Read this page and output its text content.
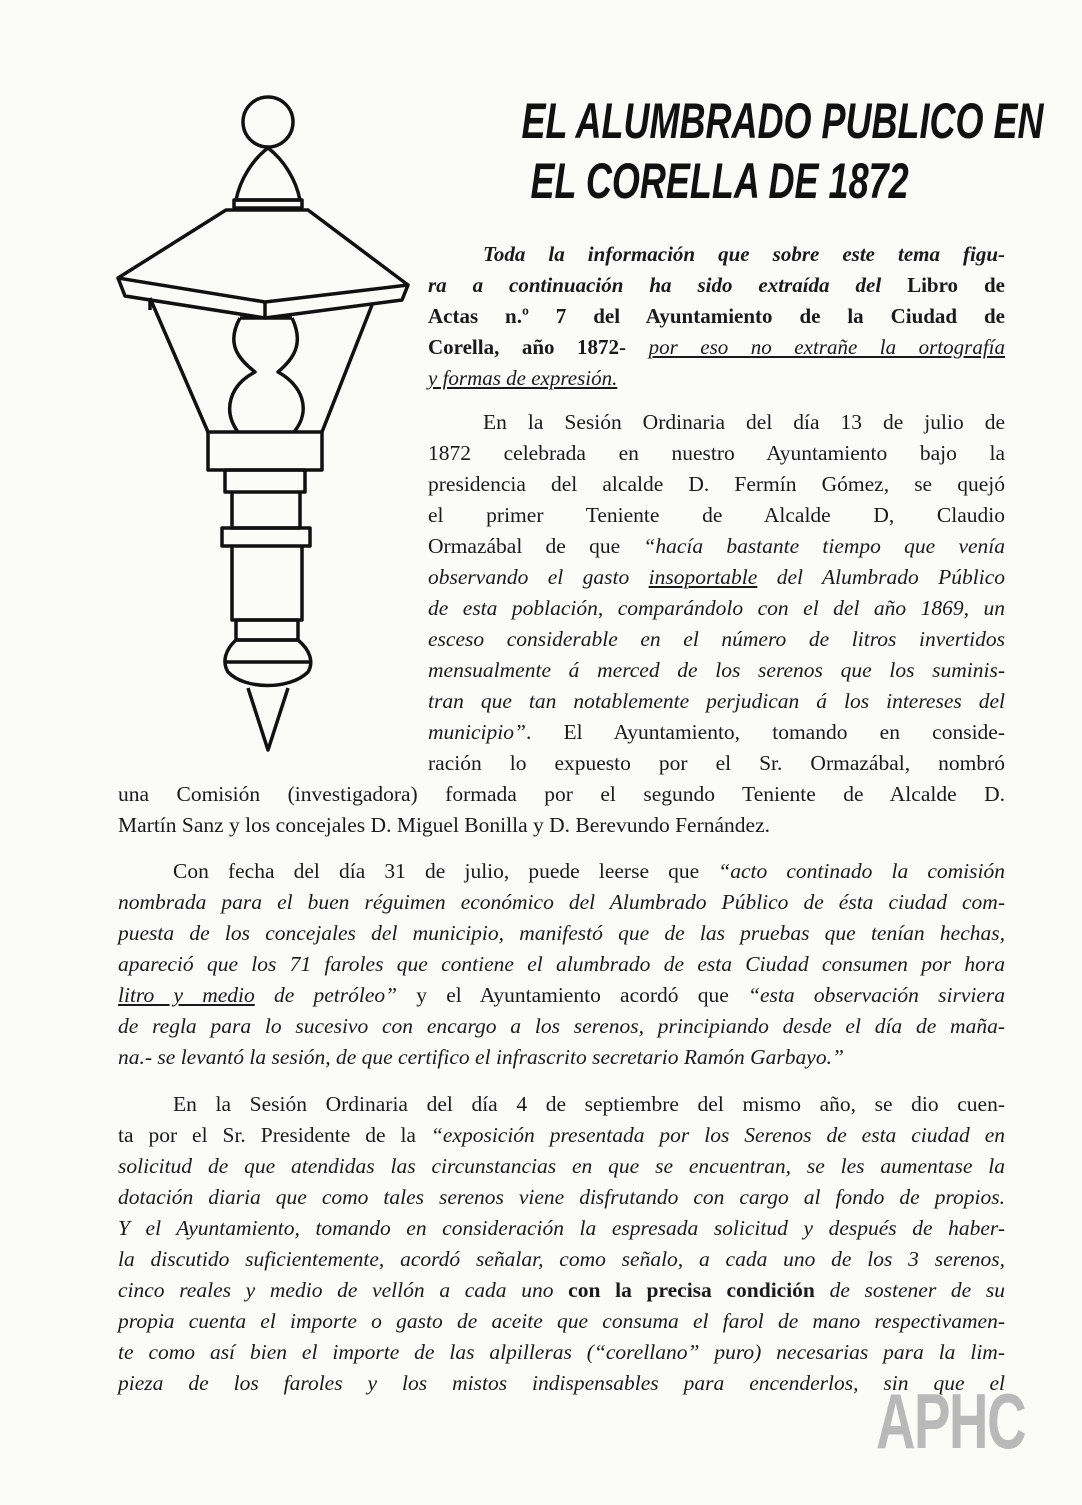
EL ALUMBRADO PUBLICO EN
EL CORELLA DE 1872
Toda la información que sobre este tema figu-
ra a continuación ha sido extraída del Libro de
Actas n.º 7 del Ayuntamiento de la Ciudad de
Corella, año 1872- por eso no extrañe la ortografía
y formas de expresión.
En la Sesión Ordinaria del día 13 de julio de
1872 celebrada en nuestro Ayuntamiento bajo la
presidencia del alcalde D. Fermín Gómez, se quejó
el primer Teniente de Alcalde D, Claudio
Ormazábal de que “hacía bastante tiempo que venía
observando el gasto insoportable del Alumbrado Público
de esta población, comparándolo con el del año 1869, un
esceso considerable en el número de litros invertidos
mensualmente á merced de los serenos que los suminis-
tran que tan notablemente perjudican á los intereses del
municipio”. El Ayuntamiento, tomando en conside-
ración lo expuesto por el Sr. Ormazábal, nombró
una Comisión (investigadora) formada por el segundo Teniente de Alcalde D.
Martín Sanz y los concejales D. Miguel Bonilla y D. Berevundo Fernández.
Con fecha del día 31 de julio, puede leerse que “acto continado la comisión
nombrada para el buen réguimen económico del Alumbrado Público de ésta ciudad com-
puesta de los concejales del municipio, manifestó que de las pruebas que tenían hechas,
apareció que los 71 faroles que contiene el alumbrado de esta Ciudad consumen por hora
litro y medio de petróleo” y el Ayuntamiento acordó que “esta observación sirviera
de regla para lo sucesivo con encargo a los serenos, principiando desde el día de maña-
na.- se levantó la sesión, de que certifico el infrascrito secretario Ramón Garbayo.”
En la Sesión Ordinaria del día 4 de septiembre del mismo año, se dio cuen-
ta por el Sr. Presidente de la “exposición presentada por los Serenos de esta ciudad en
solicitud de que atendidas las circunstancias en que se encuentran, se les aumentase la
dotación diaria que como tales serenos viene disfrutando con cargo al fondo de propios.
Y el Ayuntamiento, tomando en consideración la espresada solicitud y después de haber-
la discutido suficientemente, acordó señalar, como señalo, a cada uno de los 3 serenos,
cinco reales y medio de vellón a cada uno con la precisa condición de sostener de su
propia cuenta el importe o gasto de aceite que consuma el farol de mano respectivamen-
te como así bien el importe de las alpilleras (“corellano” puro) necesarias para la lim-
pieza de los faroles y los mistos indispensables para encenderlos, sin que el
APHC
